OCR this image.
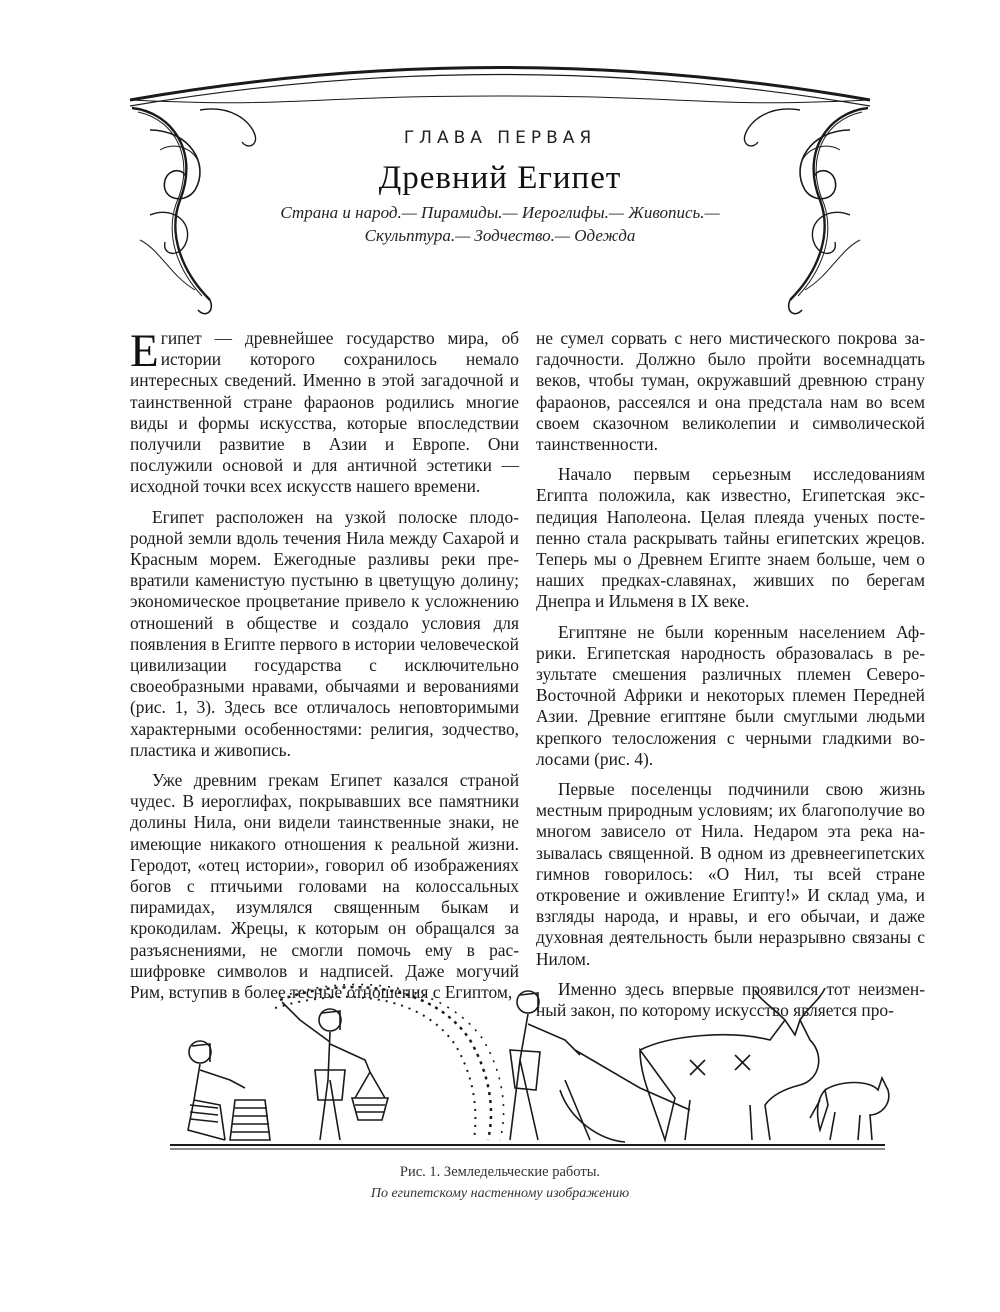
ГЛАВА ПЕРВАЯ
Древний Египет
Страна и народ.— Пирамиды.— Иероглифы.— Живопись.—
Скульптура.— Зодчество.— Одежда

Египет — древнейшее государство мира, об истории которого сохранилось немало интересных сведений. Именно в этой загадочной и таинственной стране фараонов родились многие виды и формы искусства, которые впоследствии получили развитие в Азии и Европе. Они послужили основой и для античной эстетики — исходной точки всех искусств нашего времени.

Египет расположен на узкой полоске плодородной земли вдоль течения Нила между Сахарой и Красным морем. Ежегодные разливы реки превратили каменистую пустыню в цветущую долину; экономическое процветание привело к усложнению отношений в обществе и создало условия для появления в Египте первого в истории человеческой цивилизации государства с исключительно своеобразными нравами, обычаями и верованиями (рис. 1, 3). Здесь все отличалось неповторимыми характерными особенностями: религия, зодчество, пластика и живопись.

Уже древним грекам Египет казался страной чудес. В иероглифах, покрывавших все памятники долины Нила, они видели таинственные знаки, не имеющие никакого отношения к реальной жизни. Геродот, «отец истории», говорил об изображениях богов с птичьими головами на колоссальных пирамидах, изумлялся священным быкам и крокодилам. Жрецы, к которым он обращался за разъяснениями, не смогли помочь ему в расшифровке символов и надписей. Даже могучий Рим, вступив в более тесные отношения с Египтом,

не сумел сорвать с него мистического покрова загадочности. Должно было пройти восемнадцать веков, чтобы туман, окружавший древнюю страну фараонов, рассеялся и она предстала нам во всем своем сказочном великолепии и символической таинственности.

Начало первым серьезным исследованиям Египта положила, как известно, Египетская экспедиция Наполеона. Целая плеяда ученых постепенно стала раскрывать тайны египетских жрецов. Теперь мы о Древнем Египте знаем больше, чем о наших предках-славянах, живших по берегам Днепра и Ильменя в IX веке.

Египтяне не были коренным населением Африки. Египетская народность образовалась в результате смешения различных племен Северо-Восточной Африки и некоторых племен Передней Азии. Древние египтяне были смуглыми людьми крепкого телосложения с черными гладкими волосами (рис. 4).

Первые поселенцы подчинили свою жизнь местным природным условиям; их благополучие во многом зависело от Нила. Недаром эта река называлась священной. В одном из древнеегипетских гимнов говорилось: «О Нил, ты всей стране откровение и оживление Египту!» И склад ума, и взгляды народа, и нравы, и его обычаи, и даже духовная деятельность были неразрывно связаны с Нилом.

Именно здесь впервые проявился тот неизменный закон, по которому искусство является про-

Рис. 1. Земледельческие работы.
По египетскому настенному изображению
